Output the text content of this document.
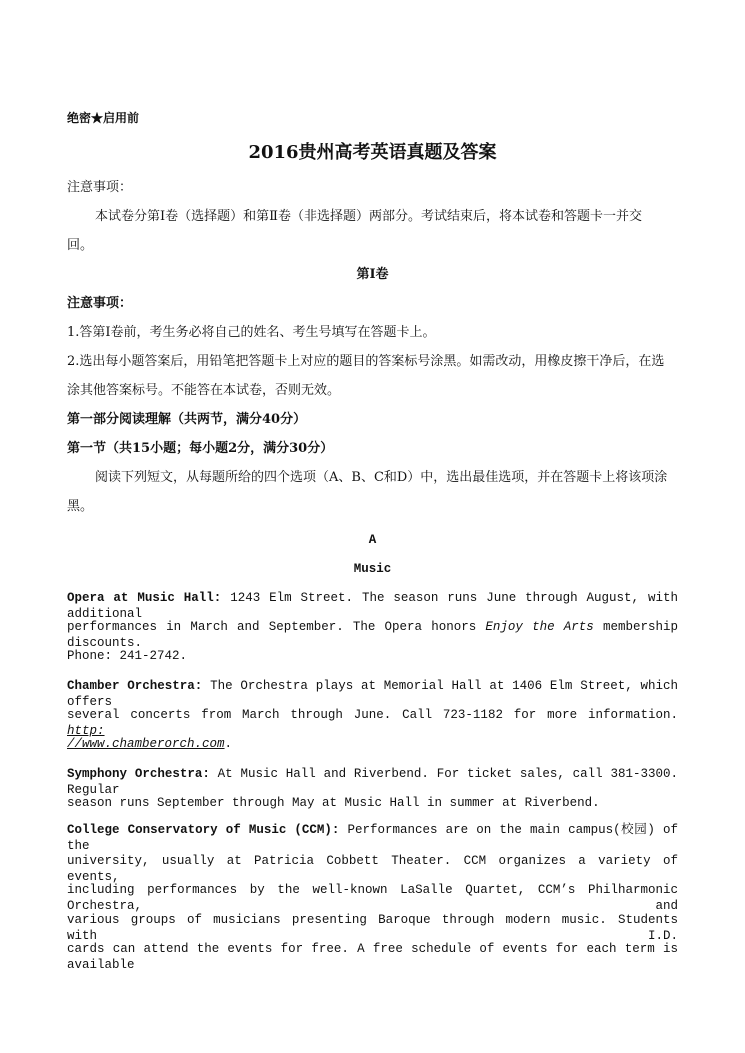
绝密★启用前
2016贵州高考英语真题及答案
注意事项：
本试卷分第Ⅰ卷（选择题）和第Ⅱ卷（非选择题）两部分。考试结束后，将本试卷和答题卡一并交
回。
第Ⅰ卷
注意事项：
1.答第Ⅰ卷前，考生务必将自己的姓名、考生号填写在答题卡上。
2.选出每小题答案后，用铅笔把答题卡上对应的题目的答案标号涂黑。如需改动，用橡皮擦干净后，在选
涂其他答案标号。不能答在本试卷，否则无效。
第一部分阅读理解（共两节，满分40分）
第一节（共15小题；每小题2分，满分30分）
阅读下列短文，从每题所给的四个选项（A、B、C和D）中，选出最佳选项，并在答题卡上将该项涂
黑。
A
Music
Opera at Music Hall: 1243 Elm Street. The season runs June through August, with additional
performances in March and September. The Opera honors Enjoy the Arts membership discounts.
Phone: 241-2742.
Chamber Orchestra: The Orchestra plays at Memorial Hall at 1406 Elm Street, which offers
several concerts from March through June. Call 723-1182 for more information. http:
//www.chamberorch.com.
Symphony Orchestra: At Music Hall and Riverbend. For ticket sales, call 381-3300. Regular
season runs September through May at Music Hall in summer at Riverbend.
College Conservatory of Music (CCM): Performances are on the main campus(校园) of the
university, usually at Patricia Cobbett Theater. CCM organizes a variety of events,
including performances by the well-known LaSalle Quartet, CCM’s Philharmonic Orchestra, and
various groups of musicians presenting Baroque through modern music. Students with I.D.
cards can attend the events for free. A free schedule of events for each term is available
